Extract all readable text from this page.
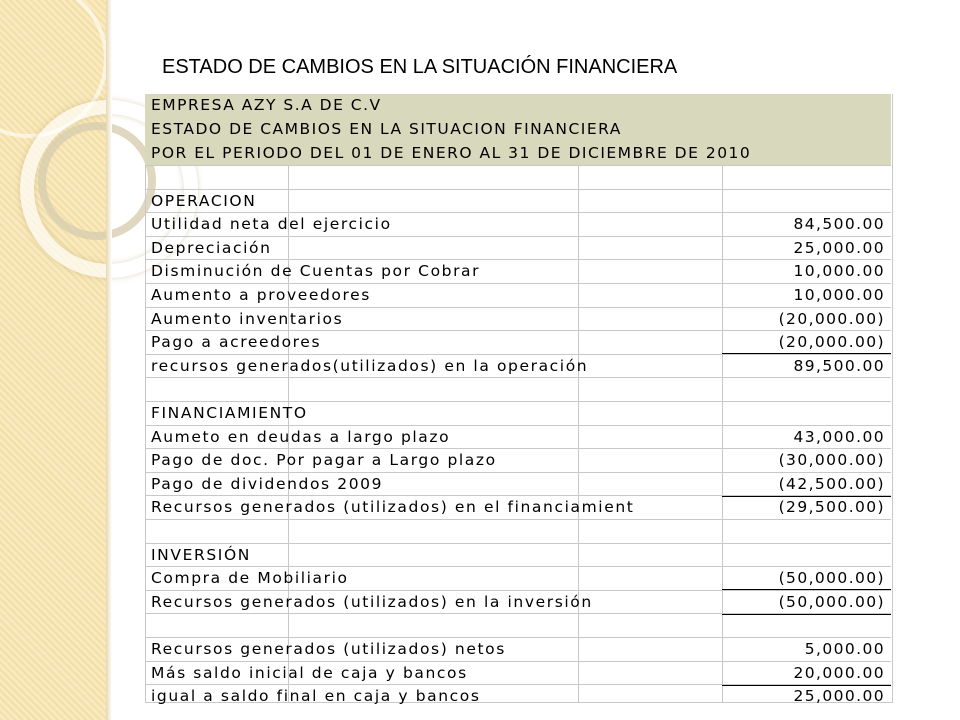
ESTADO DE CAMBIOS EN LA SITUACIÓN FINANCIERA
EMPRESA AZY S.A DE C.V
ESTADO DE CAMBIOS EN LA SITUACION FINANCIERA
POR EL PERIODO DEL 01 DE ENERO AL 31 DE DICIEMBRE DE 2010
OPERACION
Utilidad neta del ejercicio	84,500.00
Depreciación	25,000.00
Disminución de Cuentas por Cobrar	10,000.00
Aumento a proveedores	10,000.00
Aumento inventarios	(20,000.00)
Pago a acreedores	(20,000.00)
recursos generados(utilizados) en la operación	89,500.00
FINANCIAMIENTO
Aumeto en deudas a largo plazo	43,000.00
Pago de doc. Por pagar a Largo plazo	(30,000.00)
Pago de dividendos 2009	(42,500.00)
Recursos generados (utilizados) en el financiamient	(29,500.00)
INVERSIÓN
Compra de Mobiliario	(50,000.00)
Recursos generados (utilizados) en la inversión	(50,000.00)
Recursos generados (utilizados) netos	5,000.00
Más saldo inicial de caja y bancos	20,000.00
igual a saldo final en caja y bancos	25,000.00
